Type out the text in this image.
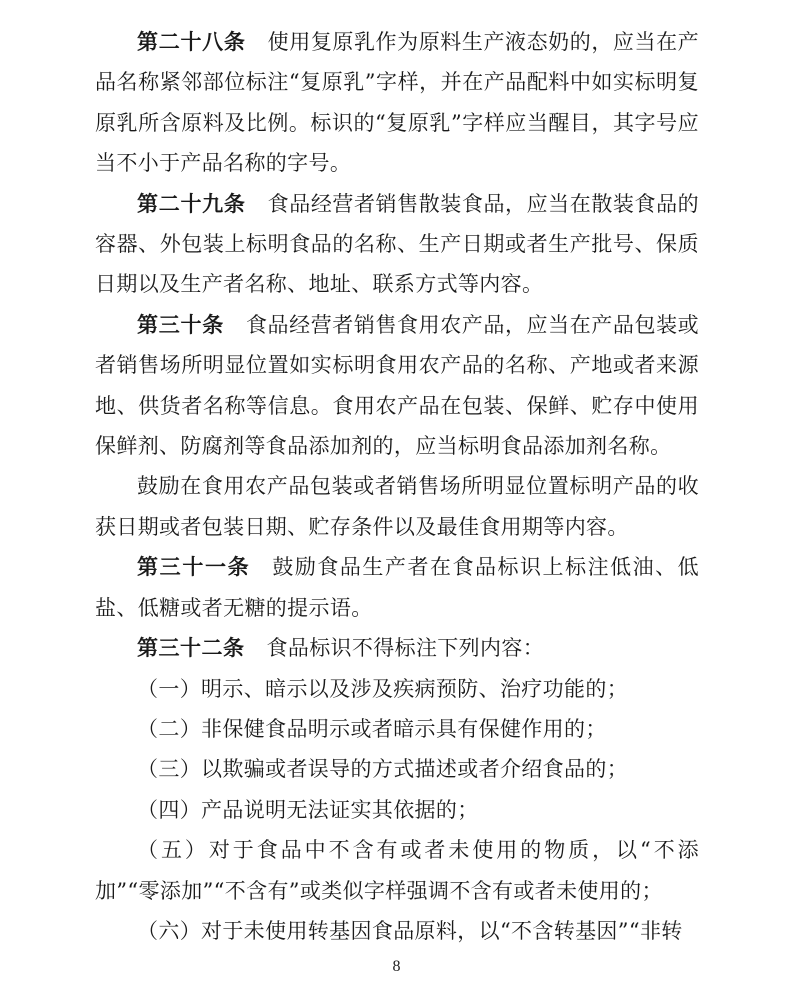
第二十八条 使用复原乳作为原料生产液态奶的，应当在产品名称紧邻部位标注“复原乳”字样，并在产品配料中如实标明复原乳所含原料及比例。标识的“复原乳”字样应当醒目，其字号应当不小于产品名称的字号。

第二十九条 食品经营者销售散装食品，应当在散装食品的容器、外包装上标明食品的名称、生产日期或者生产批号、保质日期以及生产者名称、地址、联系方式等内容。

第三十条 食品经营者销售食用农产品，应当在产品包装或者销售场所明显位置如实标明食用农产品的名称、产地或者来源地、供货者名称等信息。食用农产品在包装、保鲜、贮存中使用保鲜剂、防腐剂等食品添加剂的，应当标明食品添加剂名称。

鼓励在食用农产品包装或者销售场所明显位置标明产品的收获日期或者包装日期、贮存条件以及最佳食用期等内容。

第三十一条 鼓励食品生产者在食品标识上标注低油、低盐、低糖或者无糖的提示语。

第三十二条 食品标识不得标注下列内容：

（一）明示、暗示以及涉及疾病预防、治疗功能的；

（二）非保健食品明示或者暗示具有保健作用的；

（三）以欺骗或者误导的方式描述或者介绍食品的；

（四）产品说明无法证实其依据的；

（五）对于食品中不含有或者未使用的物质，以“不添加”“零添加”“不含有”或类似字样强调不含有或者未使用的；

（六）对于未使用转基因食品原料，以“不含转基因”“非转

8
